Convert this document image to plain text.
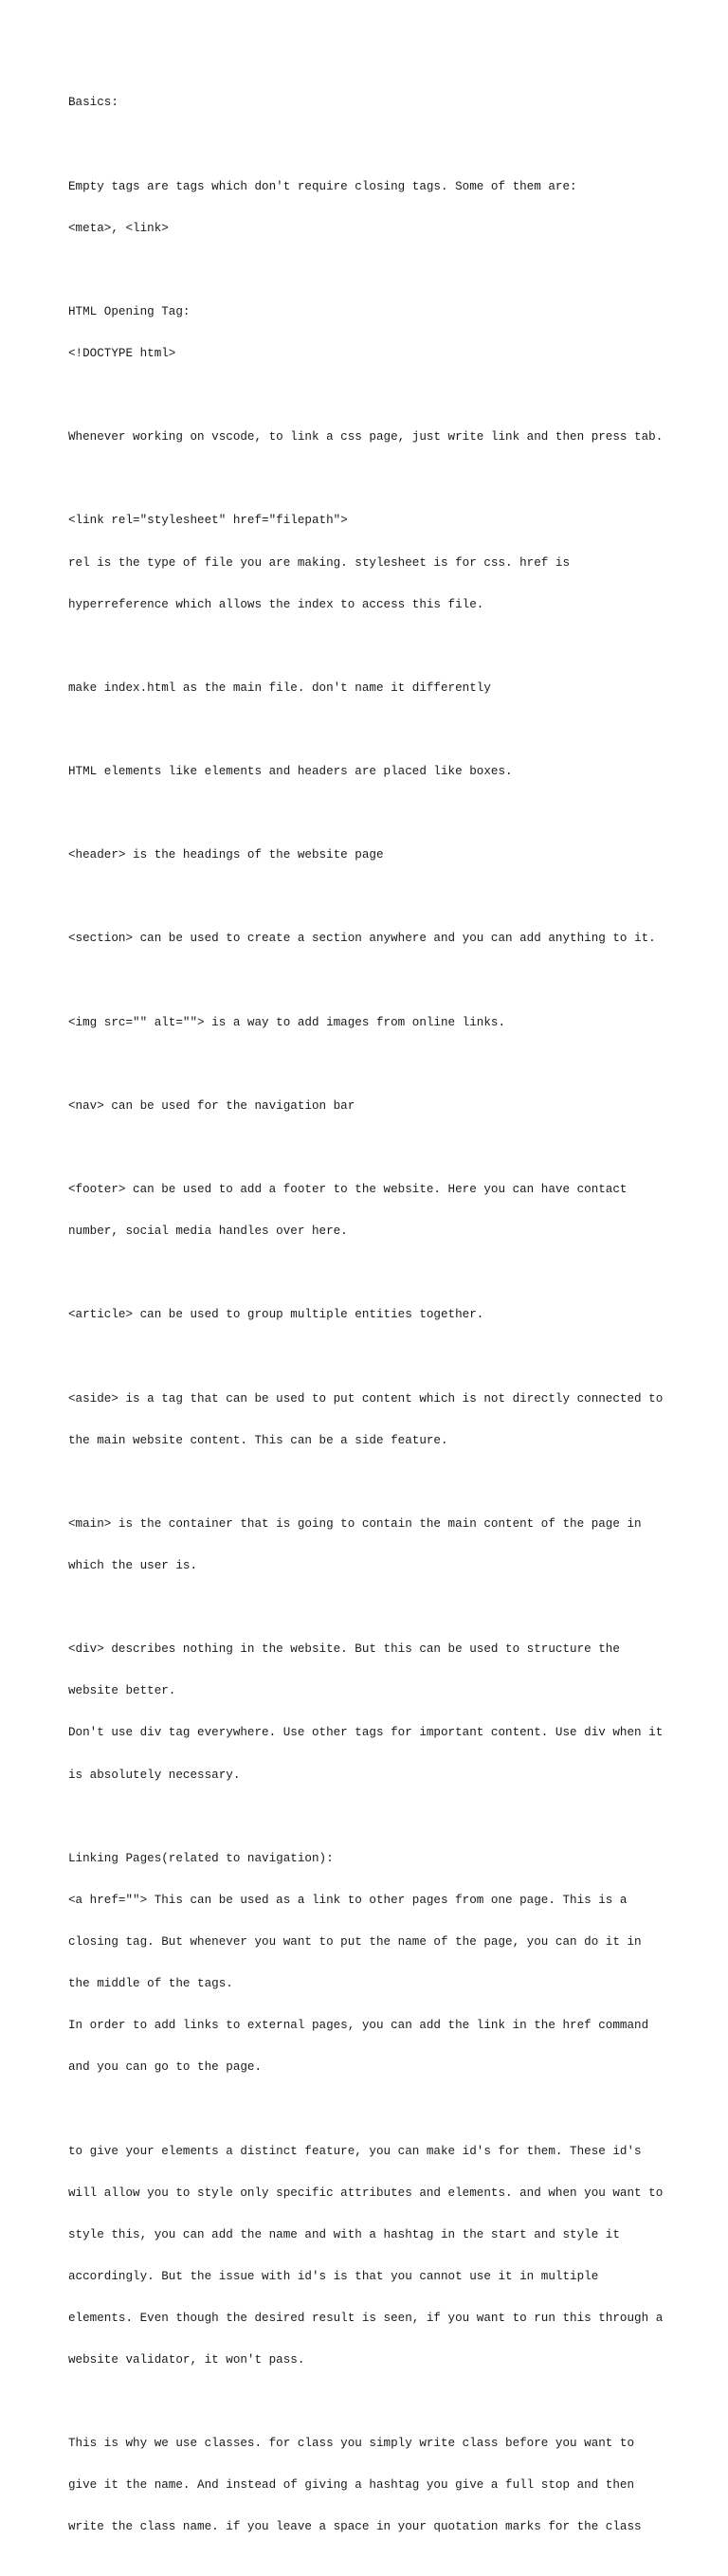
Basics:

Empty tags are tags which don't require closing tags. Some of them are:

<meta>, <link>

HTML Opening Tag:

<!DOCTYPE html>

Whenever working on vscode, to link a css page, just write link and then press tab.

<link rel="stylesheet" href="filepath">

rel is the type of file you are making. stylesheet is for css. href is

hyperreference which allows the index to access this file.

make index.html as the main file. don't name it differently

HTML elements like elements and headers are placed like boxes.

<header> is the headings of the website page

<section> can be used to create a section anywhere and you can add anything to it.

<img src="" alt=""> is a way to add images from online links.

<nav> can be used for the navigation bar

<footer> can be used to add a footer to the website. Here you can have contact

number, social media handles over here.

<article> can be used to group multiple entities together.

<aside> is a tag that can be used to put content which is not directly connected to

the main website content. This can be a side feature.

<main> is the container that is going to contain the main content of the page in

which the user is.

<div> describes nothing in the website. But this can be used to structure the

website better.

Don't use div tag everywhere. Use other tags for important content. Use div when it

is absolutely necessary.

Linking Pages(related to navigation):

<a href=""> This can be used as a link to other pages from one page. This is a

closing tag. But whenever you want to put the name of the page, you can do it in

the middle of the tags.

In order to add links to external pages, you can add the link in the href command

and you can go to the page.

to give your elements a distinct feature, you can make id's for them. These id's

will allow you to style only specific attributes and elements. and when you want to

style this, you can add the name and with a hashtag in the start and style it

accordingly. But the issue with id's is that you cannot use it in multiple

elements. Even though the desired result is seen, if you want to run this through a

website validator, it won't pass.

This is why we use classes. for class you simply write class before you want to

give it the name. And instead of giving a hashtag you give a full stop and then

write the class name. if you leave a space in your quotation marks for the class
